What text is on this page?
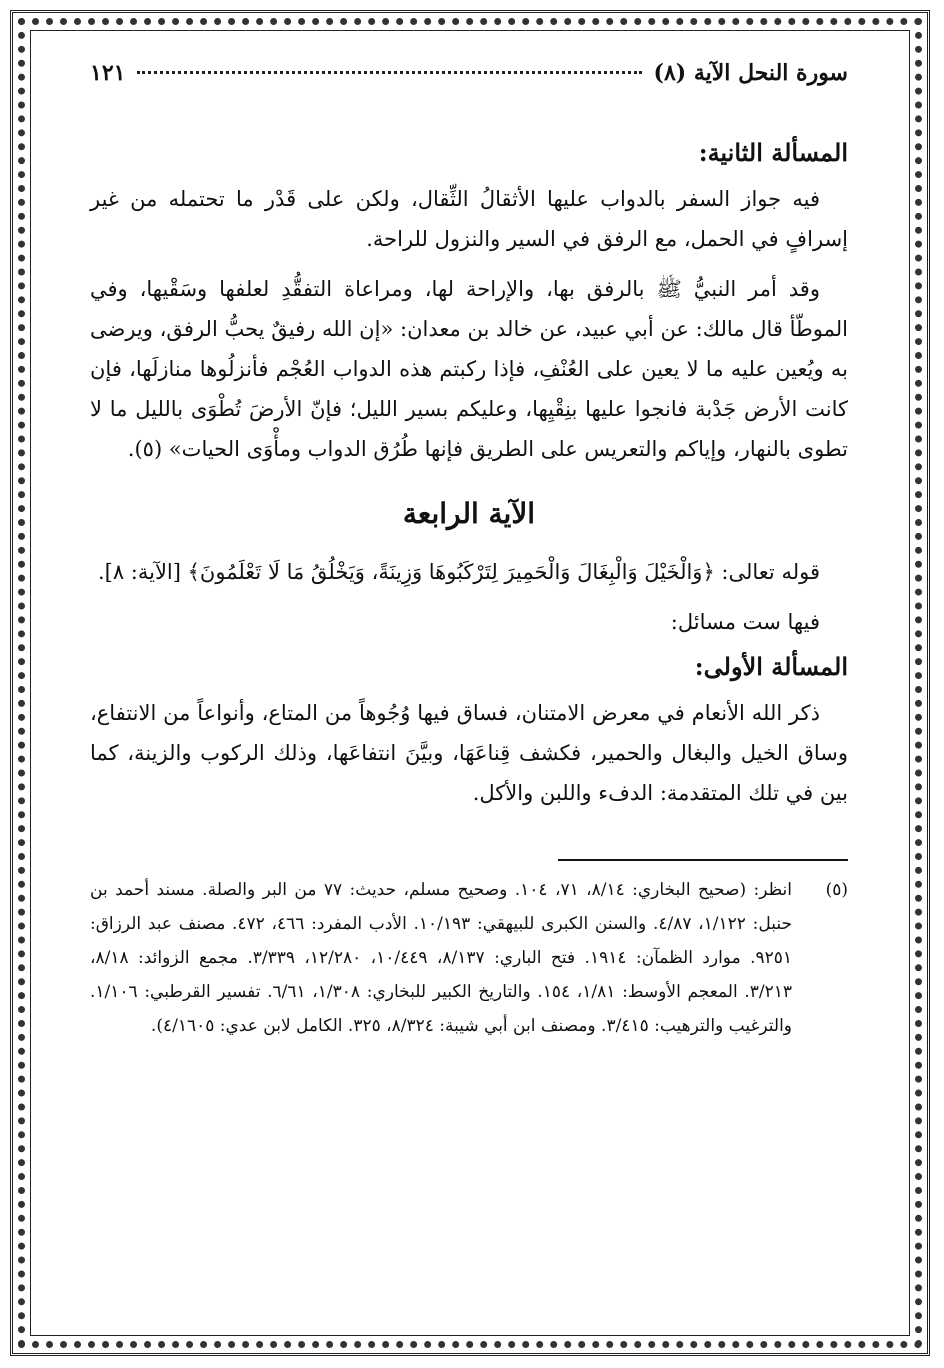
سورة النحل الآية (٨)
١٢١
المسألة الثانية:

فيه جواز السفر بالدواب عليها الأثقالُ الثِّقال، ولكن على قَدْر ما تحتمله من غير إسرافٍ في الحمل، مع الرفق في السير والنزول للراحة.

وقد أمر النبيُّ ﷺ بالرفق بها، والإراحة لها، ومراعاة التفقُّدِ لعلفها وسَقْيها، وفي الموطّأ قال مالك: عن أبي عبيد، عن خالد بن معدان: «إن الله رفيقٌ يحبُّ الرفق، ويرضى به ويُعين عليه ما لا يعين على العُنْفِ، فإذا ركبتم هذه الدواب العُجْم فأنزلُوها منازلَها، فإن كانت الأرض جَدْبة فانجوا عليها بنِقْيِها، وعليكم بسير الليل؛ فإنّ الأرضَ تُطْوَى بالليل ما لا تطوى بالنهار، وإياكم والتعريس على الطريق فإنها طُرُق الدواب ومأْوَى الحيات» (٥).

الآية الرابعة

قوله تعالى: ﴿وَالْخَيْلَ وَالْبِغَالَ وَالْحَمِيرَ لِتَرْكَبُوهَا وَزِينَةً، وَيَخْلُقُ مَا لَا تَعْلَمُونَ﴾ [الآية: ٨].

فيها ست مسائل:

المسألة الأولى:

ذكر الله الأنعام في معرض الامتنان، فساق فيها وُجُوهاً من المتاع، وأنواعاً من الانتفاع، وساق الخيل والبغال والحمير، فكشف قِناعَهَا، وبيَّنَ انتفاعَها، وذلك الركوب والزينة، كما بين في تلك المتقدمة: الدفء واللبن والأكل.

(٥)
انظر: (صحيح البخاري: ٨/١٤، ٧١، ١٠٤. وصحيح مسلم، حديث: ٧٧ من البر والصلة. مسند أحمد بن حنبل: ١/١٢٢، ٤/٨٧. والسنن الكبرى للبيهقي: ١٠/١٩٣. الأدب المفرد: ٤٦٦، ٤٧٢. مصنف عبد الرزاق: ٩٢٥١. موارد الظمآن: ١٩١٤. فتح الباري: ٨/١٣٧، ١٠/٤٤٩، ١٢/٢٨٠، ٣/٣٣٩. مجمع الزوائد: ٨/١٨، ٣/٢١٣. المعجم الأوسط: ١/٨١، ١٥٤. والتاريخ الكبير للبخاري: ١/٣٠٨، ٦/٦١. تفسير القرطبي: ١/١٠٦. والترغيب والترهيب: ٣/٤١٥. ومصنف ابن أبي شيبة: ٨/٣٢٤، ٣٢٥. الكامل لابن عدي: ٤/١٦٠٥).
